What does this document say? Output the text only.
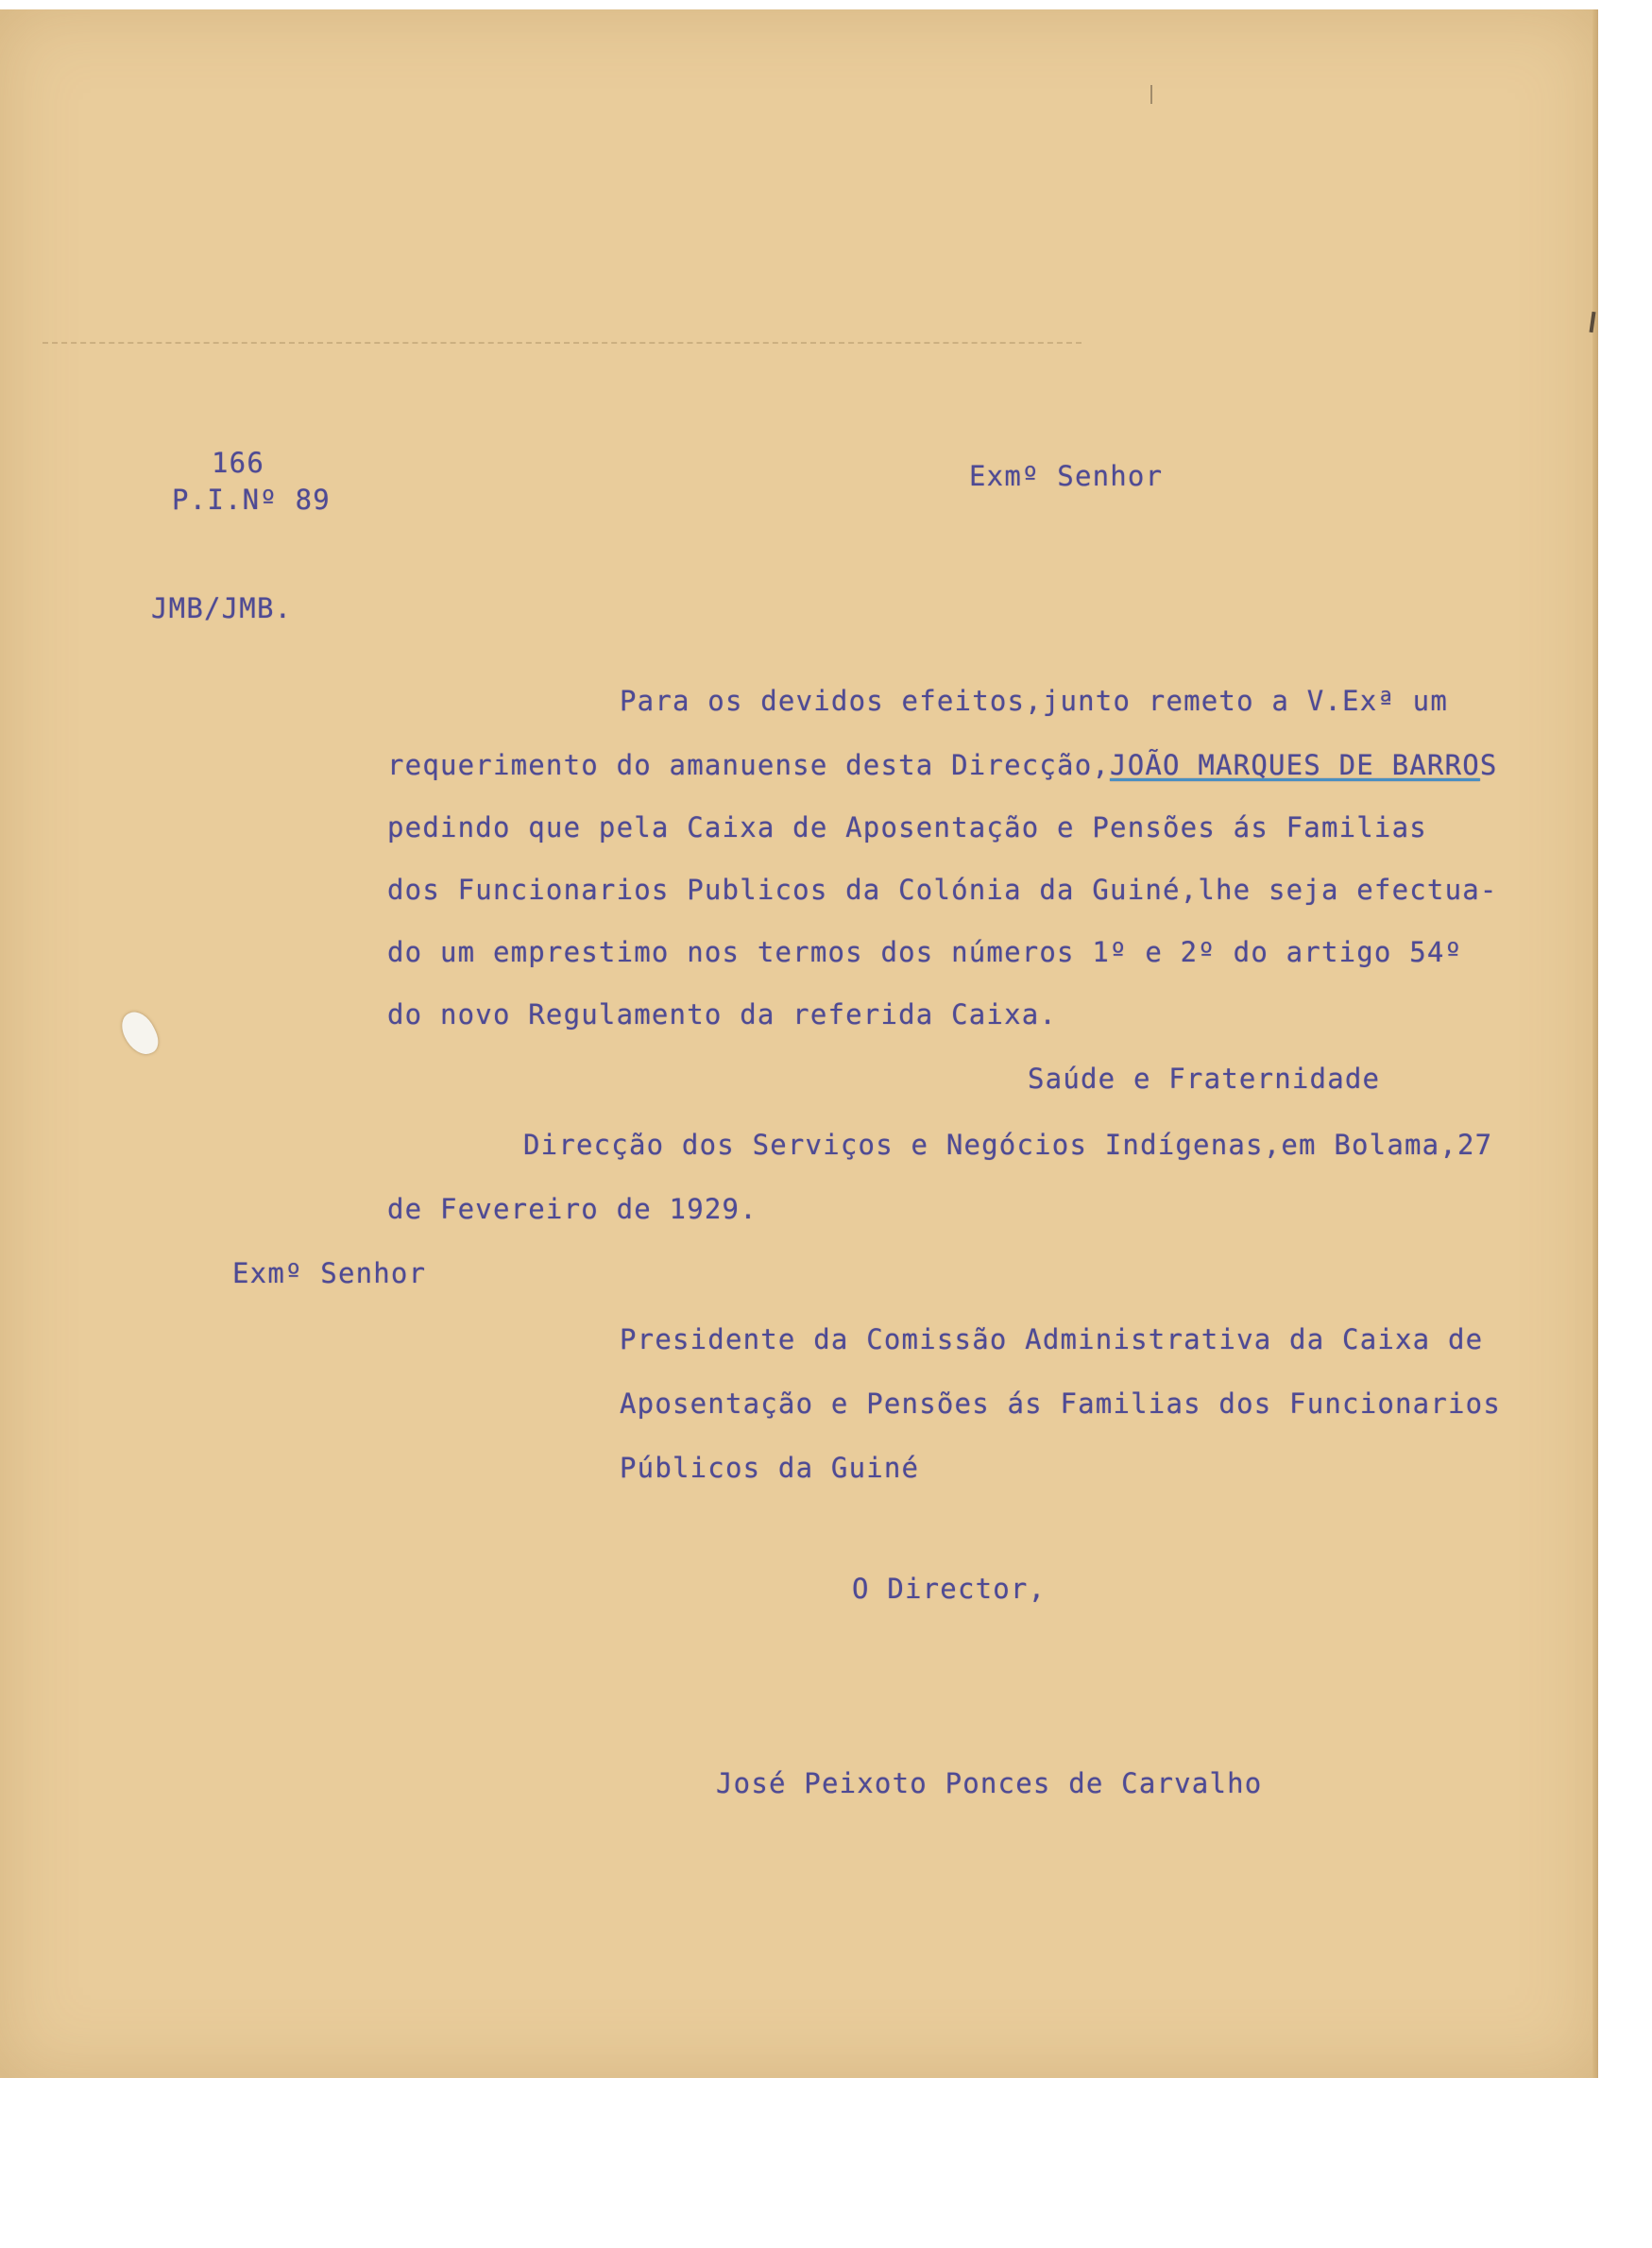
166
P.I.Nº 89
JMB/JMB.
Exmº Senhor
Para os devidos efeitos,junto remeto a V.Exª um
requerimento do amanuense desta Direcção,JOÃO MARQUES DE BARROS
pedindo que pela Caixa de Aposentação e Pensões ás Familias
dos Funcionarios Publicos da Colónia da Guiné,lhe seja efectua-
do um emprestimo nos termos dos números 1º e 2º do artigo 54º
do novo Regulamento da referida Caixa.
Saúde e Fraternidade
Direcção dos Serviços e Negócios Indígenas,em Bolama,27
de Fevereiro de 1929.
Exmº Senhor
Presidente da Comissão Administrativa da Caixa de
Aposentação e Pensões ás Familias dos Funcionarios
Públicos da Guiné
O Director,
José Peixoto Ponces de Carvalho
